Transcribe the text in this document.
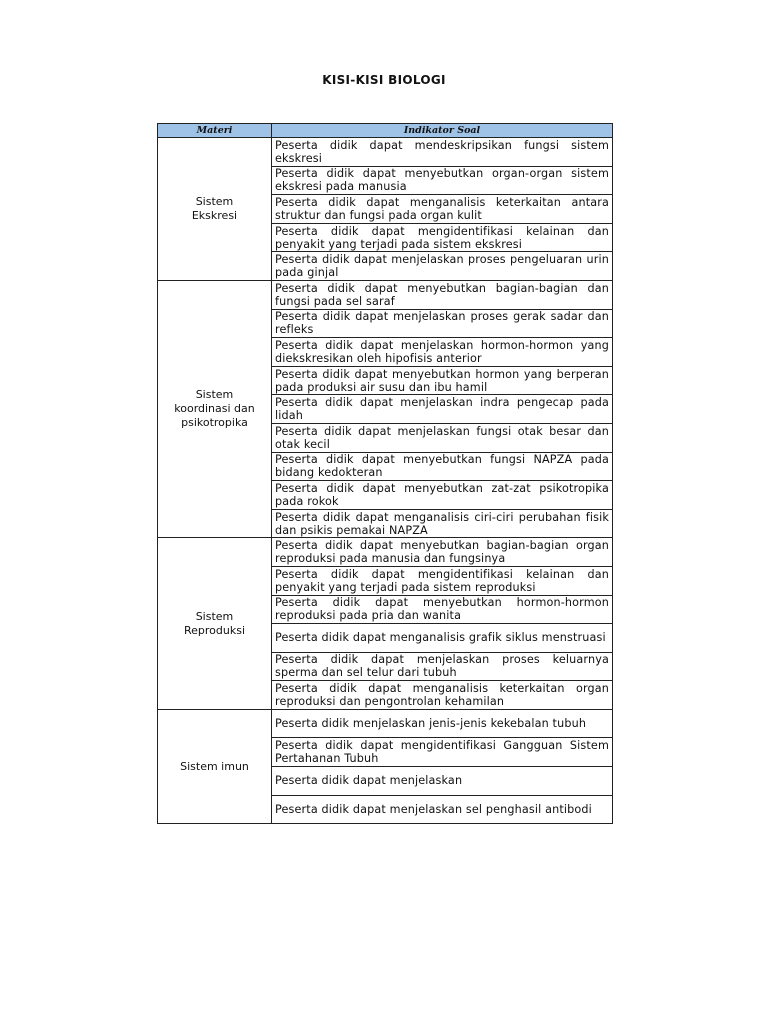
KISI-KISI BIOLOGI
Materi	Indikator Soal
Sistem
Ekskresi	Peserta didik dapat mendeskripsikan fungsi sistem ekskresi
	Peserta didik dapat menyebutkan organ-organ sistem ekskresi pada manusia
	Peserta didik dapat menganalisis keterkaitan antara struktur dan fungsi pada organ kulit
	Peserta didik dapat mengidentifikasi kelainan dan penyakit yang terjadi pada sistem ekskresi
	Peserta didik dapat menjelaskan proses pengeluaran urin pada ginjal
Sistem
koordinasi dan
psikotropika	Peserta didik dapat menyebutkan bagian-bagian dan fungsi pada sel saraf
	Peserta didik dapat menjelaskan proses gerak sadar dan refleks
	Peserta didik dapat menjelaskan hormon-hormon yang diekskresikan oleh hipofisis anterior
	Peserta didik dapat menyebutkan hormon yang berperan pada produksi air susu dan ibu hamil
	Peserta didik dapat menjelaskan indra pengecap pada lidah
	Peserta didik dapat menjelaskan fungsi otak besar dan otak kecil
	Peserta didik dapat menyebutkan fungsi NAPZA pada bidang kedokteran
	Peserta didik dapat menyebutkan zat-zat psikotropika pada rokok
	Peserta didik dapat menganalisis ciri-ciri perubahan fisik dan psikis pemakai NAPZA
Sistem
Reproduksi	Peserta didik dapat menyebutkan bagian-bagian organ reproduksi pada manusia dan fungsinya
	Peserta didik dapat mengidentifikasi kelainan dan penyakit yang terjadi pada sistem reproduksi
	Peserta didik dapat menyebutkan hormon-hormon reproduksi pada pria dan wanita
	Peserta didik dapat menganalisis grafik siklus menstruasi
	Peserta didik dapat menjelaskan proses keluarnya sperma dan sel telur dari tubuh
	Peserta didik dapat menganalisis keterkaitan organ reproduksi dan pengontrolan kehamilan
Sistem imun	Peserta didik menjelaskan jenis-jenis kekebalan tubuh
	Peserta didik dapat mengidentifikasi Gangguan Sistem Pertahanan Tubuh
	Peserta didik dapat menjelaskan
	Peserta didik dapat menjelaskan sel penghasil antibodi
